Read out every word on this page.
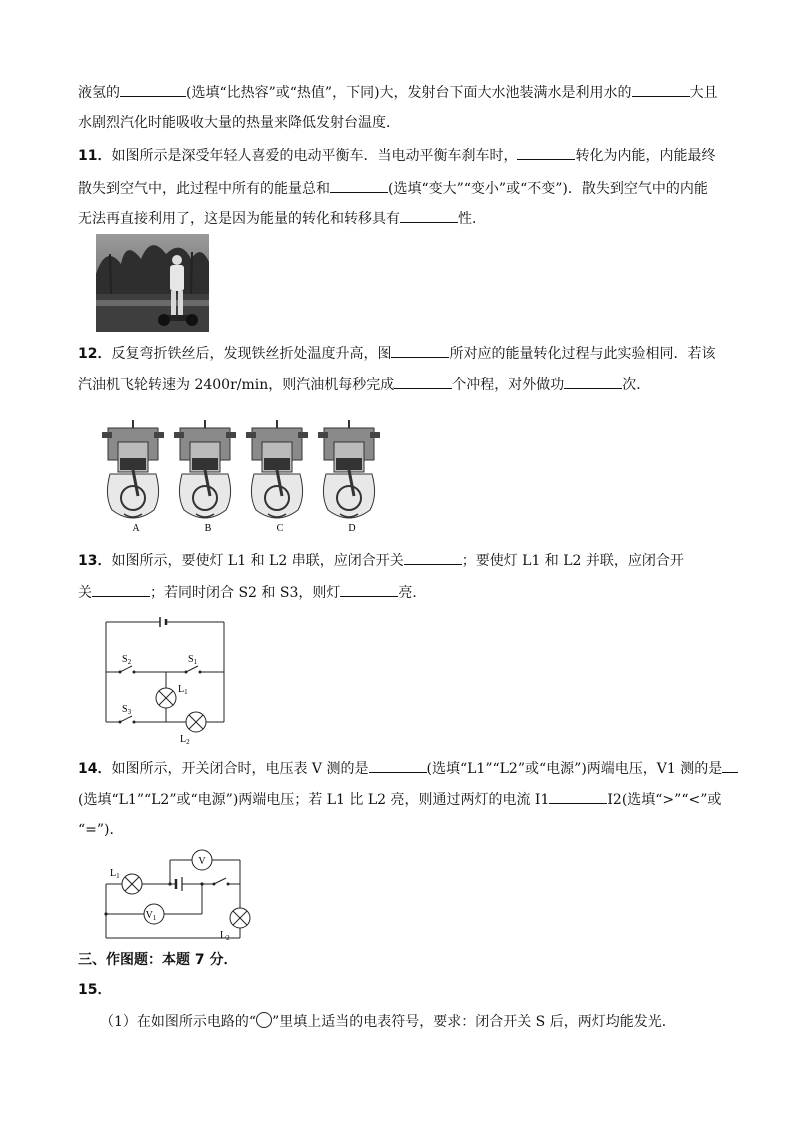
液氢的	(选填“比热容”或“热值”，下同)大，发射台下面大水池装满水是利用水的	大且
水剧烈汽化时能吸收大量的热量来降低发射台温度．
11．如图所示是深受年轻人喜爱的电动平衡车．当电动平衡车刹车时，	转化为内能，内能最终
散失到空气中，此过程中所有的能量总和	(选填“变大”“变小”或“不变”)．散失到空气中的内能
无法再直接利用了，这是因为能量的转化和转移具有	性．
12．反复弯折铁丝后，发现铁丝折处温度升高，图	所对应的能量转化过程与此实验相同．若该
汽油机飞轮转速为 2400r/min，则汽油机每秒完成	个冲程，对外做功	次．
A	B	C	D
13．如图所示，要使灯 L1 和 L2 串联，应闭合开关	；要使灯 L1 和 L2 并联，应闭合开
关	；若同时闭合 S2 和 S3，则灯	亮．
$S_2$	$S_1$
$S_3$
$L_1$
$L_2$
14．如图所示，开关闭合时，电压表 V 测的是	(选填“L1”“L2”或“电源”)两端电压，V1 测的是
(选填“L1”“L2”或“电源”)两端电压；若 L1 比 L2 亮，则通过两灯的电流 I1	I2(选填“>”“<”或
“=”)．
V
$V_1$
$L_1$
$L_2$
三、作图题：本题 7 分．
15．
（1）在如图所示电路的“ ”里填上适当的电表符号，要求：闭合开关 S 后，两灯均能发光．
